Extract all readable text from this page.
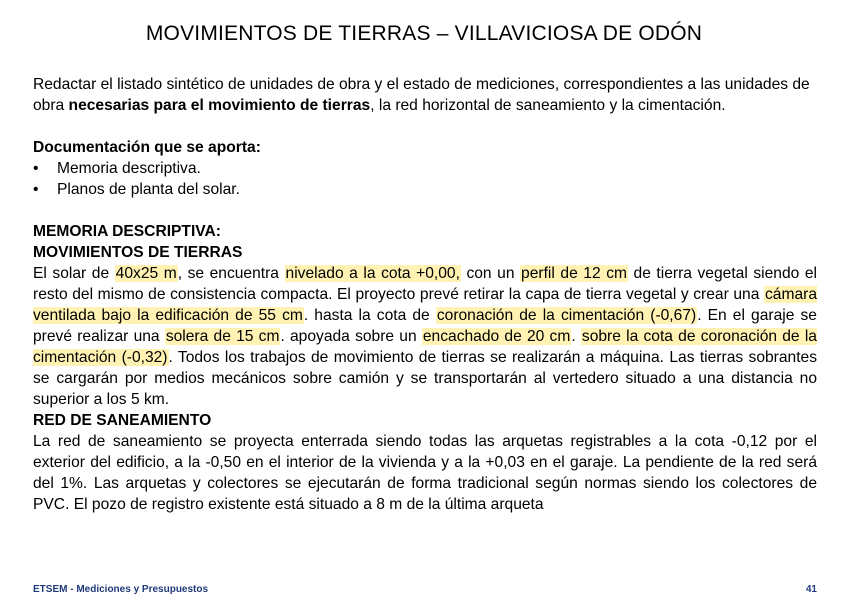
MOVIMIENTOS DE TIERRAS – VILLAVICIOSA DE ODÓN

Redactar el listado sintético de unidades de obra y el estado de mediciones, correspondientes a las unidades de obra necesarias para el movimiento de tierras, la red horizontal de saneamiento y la cimentación.

Documentación que se aporta:

• Memoria descriptiva.
• Planos de planta del solar.

MEMORIA DESCRIPTIVA:

MOVIMIENTOS DE TIERRAS

El solar de 40x25 m, se encuentra nivelado a la cota +0,00, con un perfil de 12 cm de tierra vegetal siendo el resto del mismo de consistencia compacta. El proyecto prevé retirar la capa de tierra vegetal y crear una cámara ventilada bajo la edificación de 55 cm. hasta la cota de coronación de la cimentación (-0,67). En el garaje se prevé realizar una solera de 15 cm. apoyada sobre un encachado de 20 cm. sobre la cota de coronación de la cimentación (-0,32). Todos los trabajos de movimiento de tierras se realizarán a máquina. Las tierras sobrantes se cargarán por medios mecánicos sobre camión y se transportarán al vertedero situado a una distancia no superior a los 5 km.

RED DE SANEAMIENTO

La red de saneamiento se proyecta enterrada siendo todas las arquetas registrables a la cota -0,12 por el exterior del edificio, a la -0,50 en el interior de la vivienda y a la +0,03 en el garaje. La pendiente de la red será del 1%. Las arquetas y colectores se ejecutarán de forma tradicional según normas siendo los colectores de PVC. El pozo de registro existente está situado a 8 m de la última arqueta

ETSEM - Mediciones y Presupuestos	41
